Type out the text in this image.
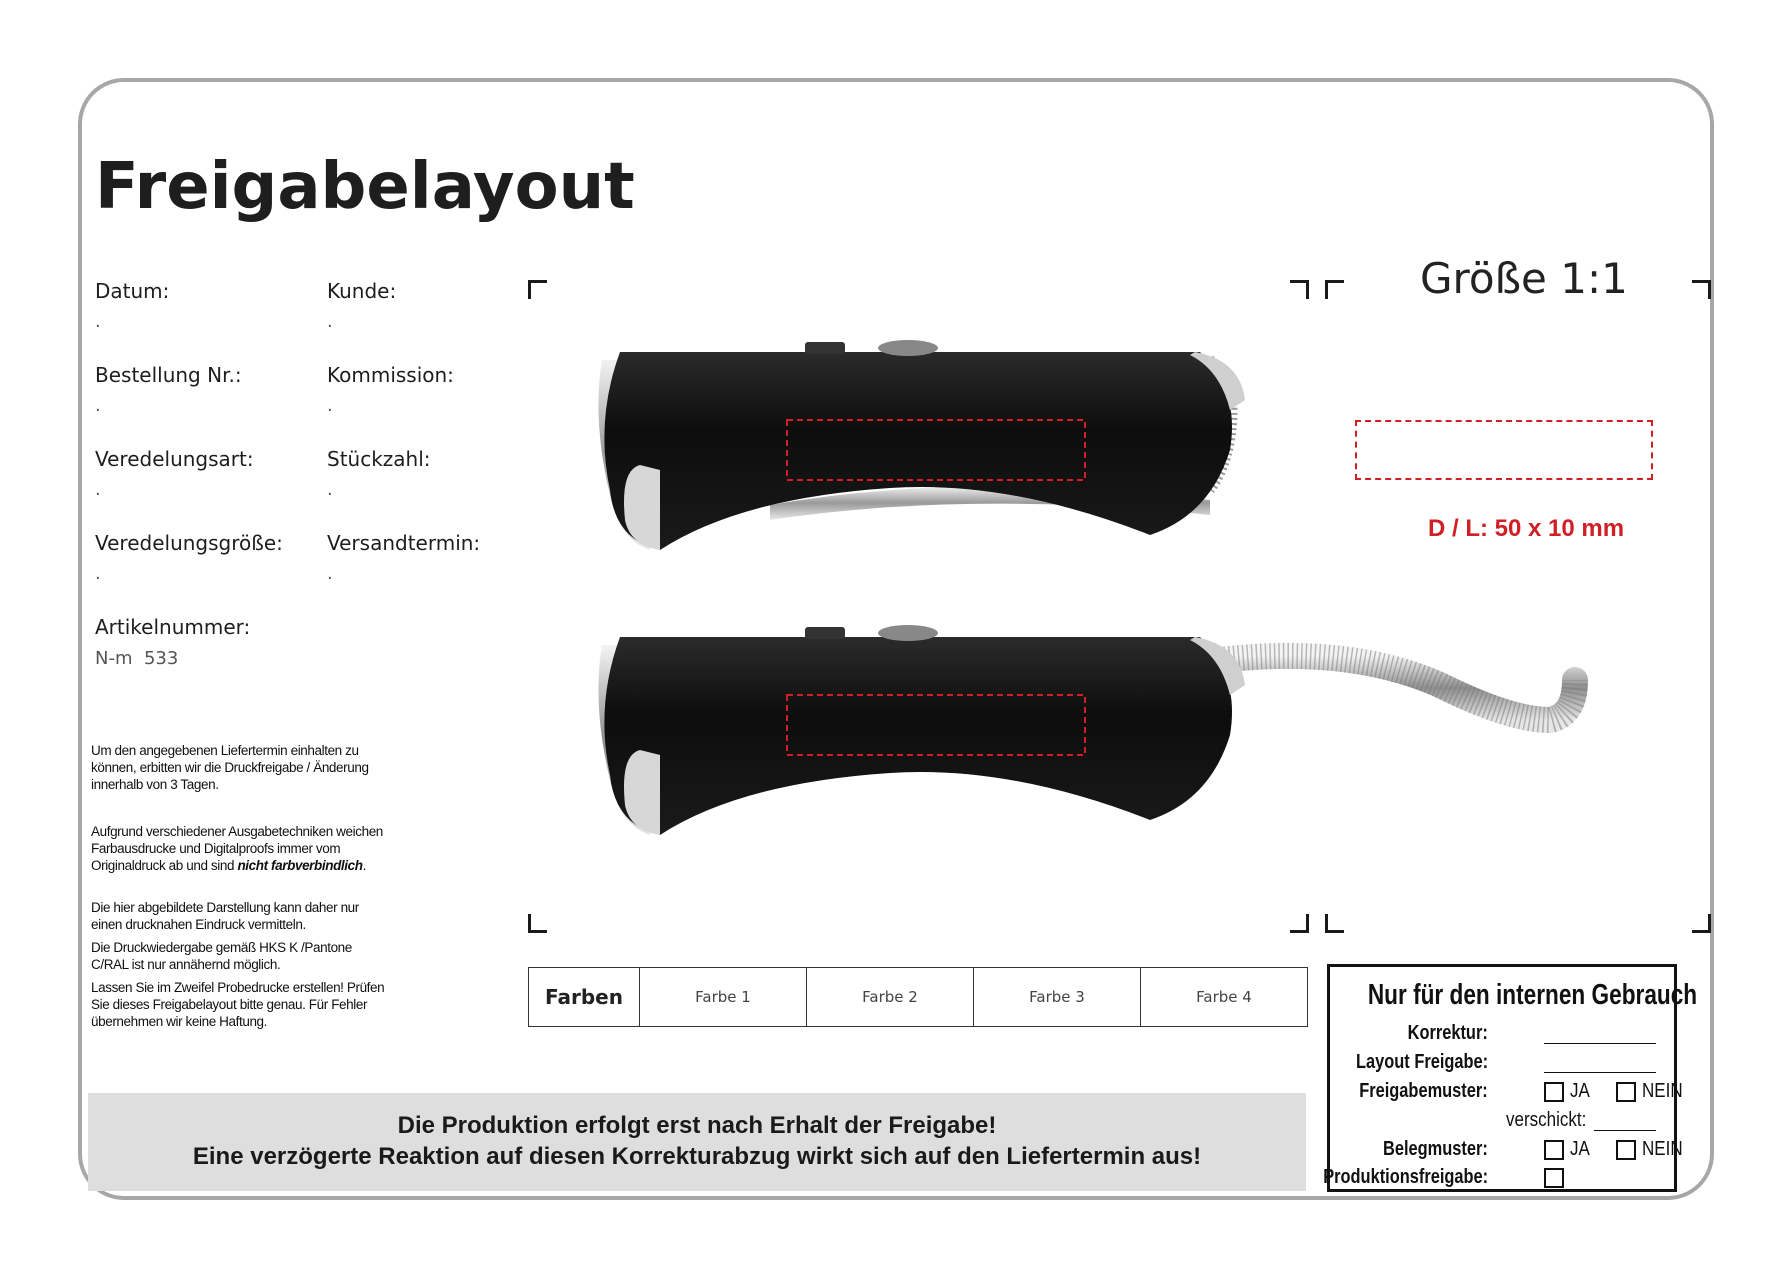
Freigabelayout
Datum:
.
Kunde:
.
Bestellung Nr.:
.
Kommission:
.
Veredelungsart:
.
Stückzahl:
.
Veredelungsgröße:
.
Versandtermin:
.
Artikelnummer:
N-m  533
Um den angegebenen Liefertermin einhalten zu können, erbitten wir die Druckfreigabe / Änderung innerhalb von 3 Tagen.
Aufgrund verschiedener Ausgabetechniken weichen Farbausdrucke und Digitalproofs immer vom Originaldruck ab und sind nicht farbverbindlich.
Die hier abgebildete Darstellung kann daher nur einen drucknahen Eindruck vermitteln.
Die Druckwiedergabe gemäß HKS K /Pantone C/RAL ist nur annähernd möglich.
Lassen Sie im Zweifel Probedrucke erstellen! Prüfen Sie dieses Freigabelayout bitte genau. Für Fehler übernehmen wir keine Haftung.
Größe 1:1
D / L: 50 x 10 mm
Farben	Farbe 1	Farbe 2	Farbe 3	Farbe 4
Die Produktion erfolgt erst nach Erhalt der Freigabe!
Eine verzögerte Reaktion auf diesen Korrekturabzug wirkt sich auf den Liefertermin aus!
Nur für den internen Gebrauch
Korrektur:
Layout Freigabe:
Freigabemuster:	JA	NEIN
verschickt:
Belegmuster:	JA	NEIN
Produktionsfreigabe:
